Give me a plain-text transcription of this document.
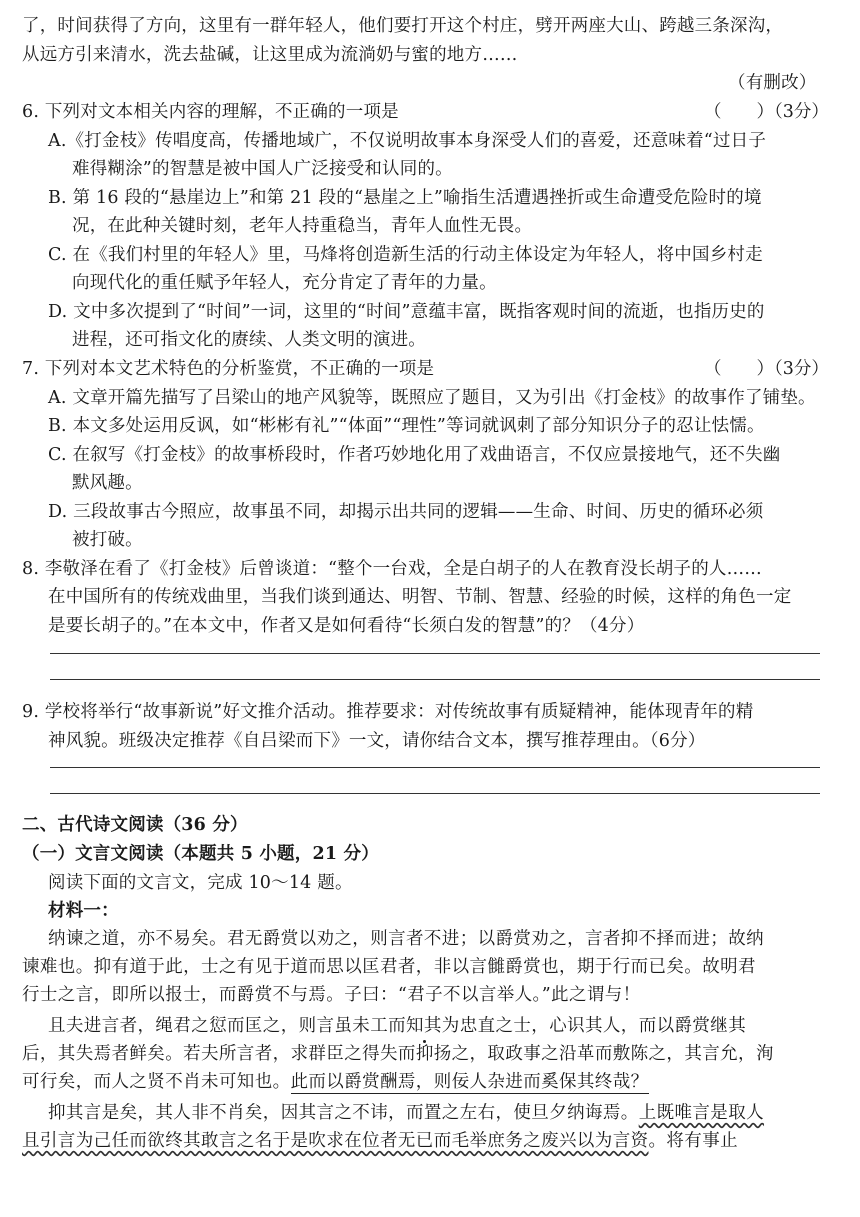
了，时间获得了方向，这里有一群年轻人，他们要打开这个村庄，劈开两座大山、跨越三条深沟，
从远方引来清水，洗去盐碱，让这里成为流淌奶与蜜的地方……
（有删改）
6. 下列对文本相关内容的理解，不正确的一项是	（　　）（3分）
A.《打金枝》传唱度高，传播地域广，不仅说明故事本身深受人们的喜爱，还意味着“过日子
难得糊涂”的智慧是被中国人广泛接受和认同的。
B. 第 16 段的“悬崖边上”和第 21 段的“悬崖之上”喻指生活遭遇挫折或生命遭受危险时的境
况，在此种关键时刻，老年人持重稳当，青年人血性无畏。
C. 在《我们村里的年轻人》里，马烽将创造新生活的行动主体设定为年轻人，将中国乡村走
向现代化的重任赋予年轻人，充分肯定了青年的力量。
D. 文中多次提到了“时间”一词，这里的“时间”意蕴丰富，既指客观时间的流逝，也指历史的
进程，还可指文化的赓续、人类文明的演进。
7. 下列对本文艺术特色的分析鉴赏，不正确的一项是	（　　）（3分）
A. 文章开篇先描写了吕梁山的地产风貌等，既照应了题目，又为引出《打金枝》的故事作了铺垫。
B. 本文多处运用反讽，如“彬彬有礼”“体面”“理性”等词就讽刺了部分知识分子的忍让怯懦。
C. 在叙写《打金枝》的故事桥段时，作者巧妙地化用了戏曲语言，不仅应景接地气，还不失幽
默风趣。
D. 三段故事古今照应，故事虽不同，却揭示出共同的逻辑——生命、时间、历史的循环必须
被打破。
8. 李敬泽在看了《打金枝》后曾谈道：“整个一台戏，全是白胡子的人在教育没长胡子的人……
在中国所有的传统戏曲里，当我们谈到通达、明智、节制、智慧、经验的时候，这样的角色一定
是要长胡子的。”在本文中，作者又是如何看待“长须白发的智慧”的？（4分）
9. 学校将举行“故事新说”好文推介活动。推荐要求：对传统故事有质疑精神，能体现青年的精
神风貌。班级决定推荐《自吕梁而下》一文，请你结合文本，撰写推荐理由。（6分）
二、古代诗文阅读（36 分）
（一）文言文阅读（本题共 5 小题，21 分）
阅读下面的文言文，完成 10～14 题。
材料一：
纳谏之道，亦不易矣。君无爵赏以劝之，则言者不进；以爵赏劝之，言者抑不择而进；故纳
谏难也。抑有道于此，士之有见于道而思以匡君者，非以言雠爵赏也，期于行而已矣。故明君
行士之言，即所以报士，而爵赏不与焉。子曰：“君子不以言举人。”此之谓与！
且夫进言者，绳君之愆而匡之，则言虽未工而知其为忠直之士，心识其人，而以爵赏继其
后，其失焉者鲜矣。若夫所言者，求群臣之得失而抑扬之，取政事之沿革而敷陈之，其言允，洵
可行矣，而人之贤不肖未可知也。此而以爵赏酬焉，则佞人杂进而奚保其终哉？
抑其言是矣，其人非不肖矣，因其言之不讳，而置之左右，使旦夕纳诲焉。上既唯言是取人
且引言为己任而欲终其敢言之名于是吹求在位者无已而毛举庶务之废兴以为言资。将有事止
